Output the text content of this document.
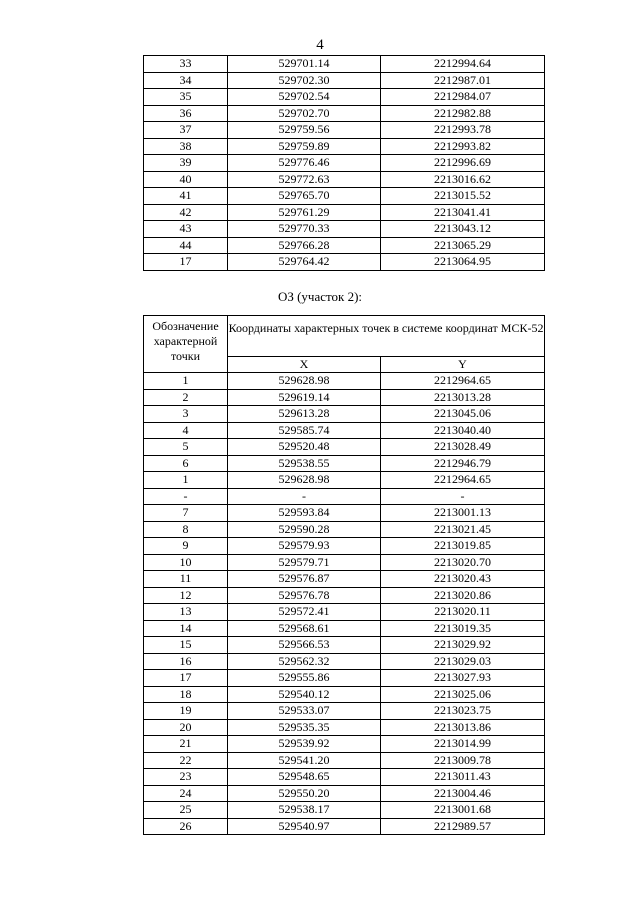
4
33	529701.14	2212994.64
34	529702.30	2212987.01
35	529702.54	2212984.07
36	529702.70	2212982.88
37	529759.56	2212993.78
38	529759.89	2212993.82
39	529776.46	2212996.69
40	529772.63	2213016.62
41	529765.70	2213015.52
42	529761.29	2213041.41
43	529770.33	2213043.12
44	529766.28	2213065.29
17	529764.42	2213064.95
ОЗ (участок 2):
Обозначение характерной точки	Координаты характерных точек в системе координат МСК-52	
	X	Y
1	529628.98	2212964.65
2	529619.14	2213013.28
3	529613.28	2213045.06
4	529585.74	2213040.40
5	529520.48	2213028.49
6	529538.55	2212946.79
1	529628.98	2212964.65
-	-	-
7	529593.84	2213001.13
8	529590.28	2213021.45
9	529579.93	2213019.85
10	529579.71	2213020.70
11	529576.87	2213020.43
12	529576.78	2213020.86
13	529572.41	2213020.11
14	529568.61	2213019.35
15	529566.53	2213029.92
16	529562.32	2213029.03
17	529555.86	2213027.93
18	529540.12	2213025.06
19	529533.07	2213023.75
20	529535.35	2213013.86
21	529539.92	2213014.99
22	529541.20	2213009.78
23	529548.65	2213011.43
24	529550.20	2213004.46
25	529538.17	2213001.68
26	529540.97	2212989.57
